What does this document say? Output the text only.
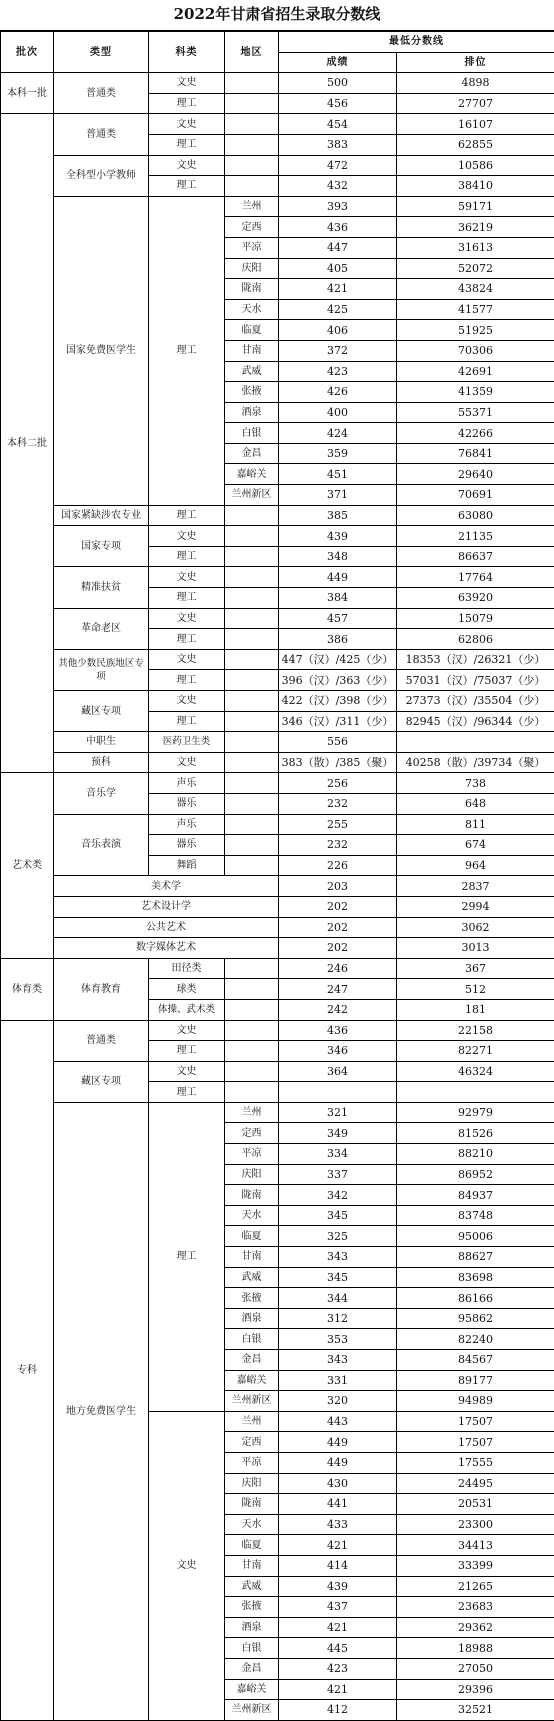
2022年甘肃省招生录取分数线
批次	类型	科类	地区	最低分数线	
				成绩	排位
本科一批	普通类	文史		500	4898
		理工		456	27707
本科二批	普通类	文史		454	16107
		理工		383	62855
	全科型小学教师	文史		472	10586
		理工		432	38410
	国家免费医学生	理工	兰州	393	59171
			定西	436	36219
			平凉	447	31613
			庆阳	405	52072
			陇南	421	43824
			天水	425	41577
			临夏	406	51925
			甘南	372	70306
			武威	423	42691
			张掖	426	41359
			酒泉	400	55371
			白银	424	42266
			金昌	359	76841
			嘉峪关	451	29640
			兰州新区	371	70691
	国家紧缺涉农专业	理工		385	63080
	国家专项	文史		439	21135
		理工		348	86637
	精准扶贫	文史		449	17764
		理工		384	63920
	革命老区	文史		457	15079
		理工		386	62806
	其他少数民族地区专项	文史		447（汉）/425（少）	18353（汉）/26321（少）
		理工		396（汉）/363（少）	57031（汉）/75037（少）
	藏区专项	文史		422（汉）/398（少）	27373（汉）/35504（少）
		理工		346（汉）/311（少）	82945（汉）/96344（少）
	中职生	医药卫生类		556	
	预科	文史		383（散）/385（聚）	40258（散）/39734（聚）
艺术类	音乐学	声乐		256	738
		器乐		232	648
	音乐表演	声乐		255	811
		器乐		232	674
		舞蹈		226	964
	美术学			203	2837
	艺术设计学			202	2994
	公共艺术			202	3062
	数字媒体艺术			202	3013
体育类	体育教育	田径类		246	367
		球类		247	512
		体操、武术类		242	181
专科	普通类	文史		436	22158
		理工		346	82271
	藏区专项	文史		364	46324
		理工			
	地方免费医学生	理工	兰州	321	92979
			定西	349	81526
			平凉	334	88210
			庆阳	337	86952
			陇南	342	84937
			天水	345	83748
			临夏	325	95006
			甘南	343	88627
			武威	345	83698
			张掖	344	86166
			酒泉	312	95862
			白银	353	82240
			金昌	343	84567
			嘉峪关	331	89177
			兰州新区	320	94989
		文史	兰州	443	17507
			定西	449	17507
			平凉	449	17555
			庆阳	430	24495
			陇南	441	20531
			天水	433	23300
			临夏	421	34413
			甘南	414	33399
			武威	439	21265
			张掖	437	23683
			酒泉	421	29362
			白银	445	18988
			金昌	423	27050
			嘉峪关	421	29396
			兰州新区	412	32521
